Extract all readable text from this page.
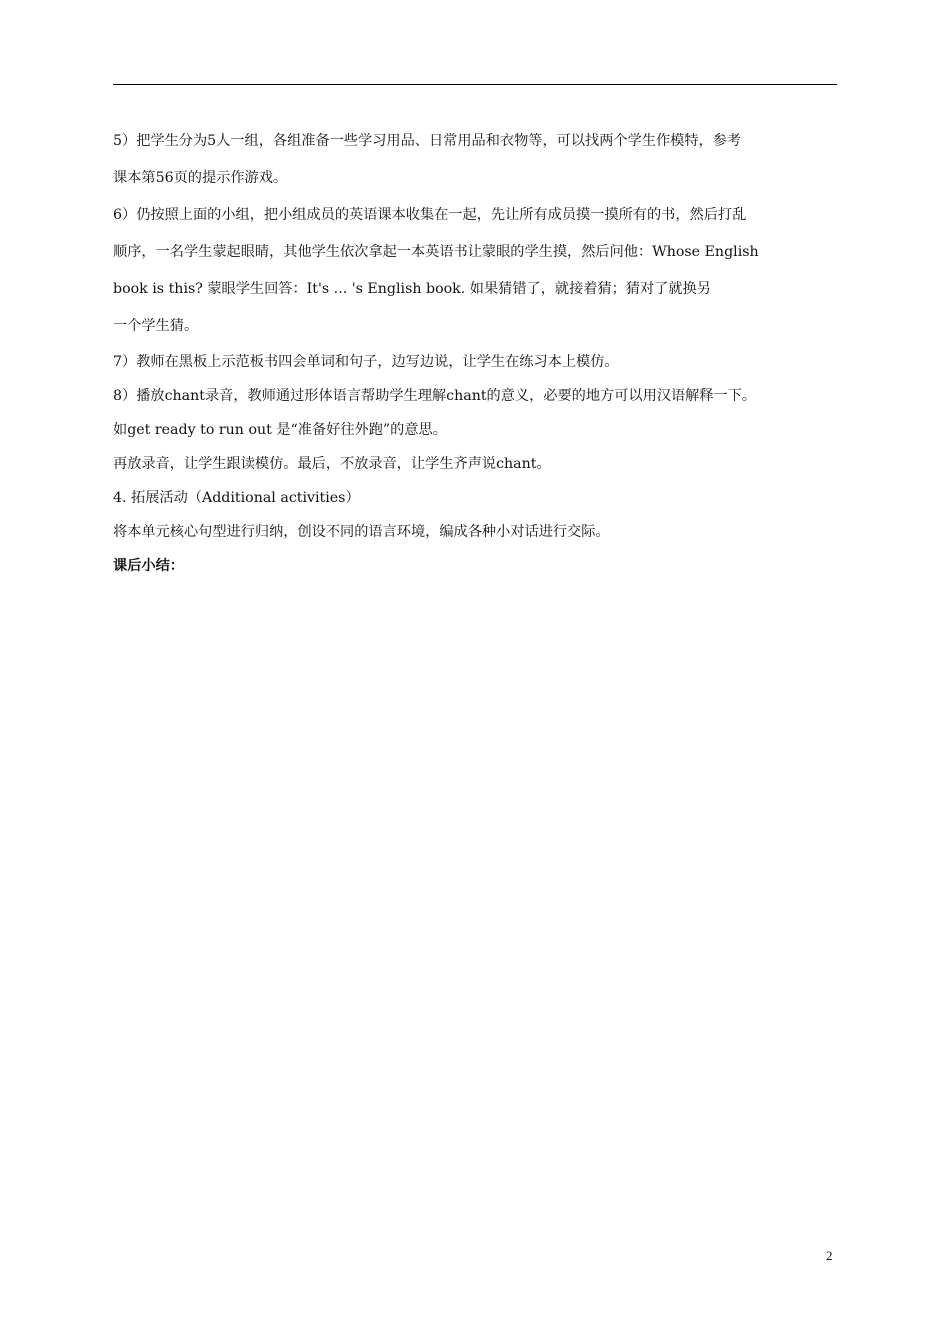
5）把学生分为5人一组，各组准备一些学习用品、日常用品和衣物等，可以找两个学生作模特，参考

课本第56页的提示作游戏。

6）仍按照上面的小组，把小组成员的英语课本收集在一起，先让所有成员摸一摸所有的书，然后打乱

顺序，一名学生蒙起眼睛，其他学生依次拿起一本英语书让蒙眼的学生摸，然后问他：Whose English

book is this? 蒙眼学生回答：It's ... 's English book. 如果猜错了，就接着猜；猜对了就换另

一个学生猜。

7）教师在黑板上示范板书四会单词和句子，边写边说，让学生在练习本上模仿。

8）播放chant录音，教师通过形体语言帮助学生理解chant的意义，必要的地方可以用汉语解释一下。

如get ready to run out 是“准备好往外跑”的意思。

再放录音，让学生跟读模仿。最后，不放录音，让学生齐声说chant。

4. 拓展活动（Additional activities）

将本单元核心句型进行归纳，创设不同的语言环境，编成各种小对话进行交际。

课后小结：

2
